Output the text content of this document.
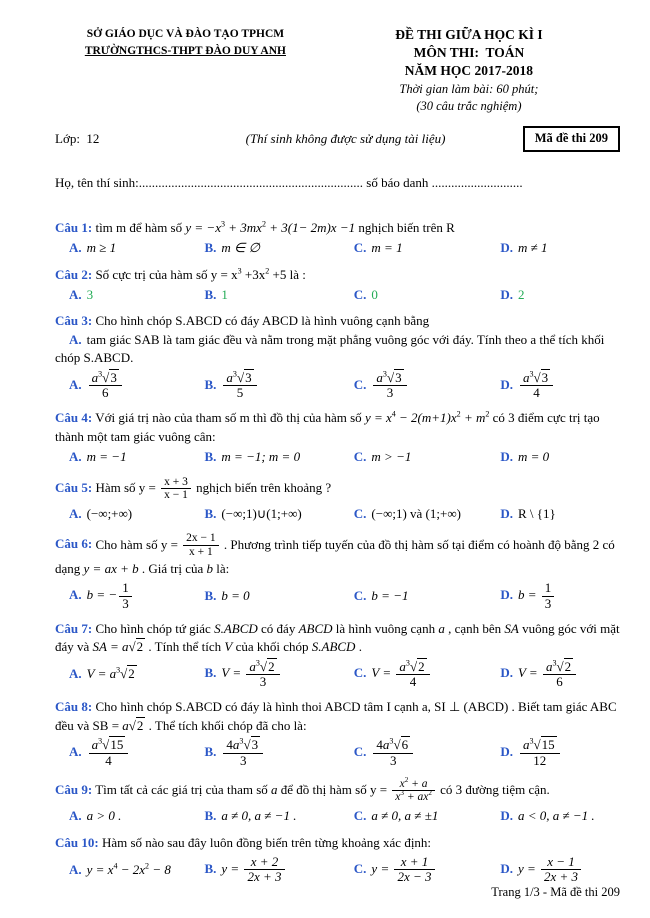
SỞ GIÁO DỤC VÀ ĐÀO TẠO TPHCM
TRƯỜNGTHCS-THPT ĐÀO DUY ANH
ĐỀ THI GIỮA HỌC KÌ I
MÔN THI:  TOÁN
NĂM HỌC 2017-2018
Thời gian làm bài: 60 phút;
(30 câu trắc nghiệm)
Lớp:  12	(Thí sinh không được sử dụng tài liệu)	Mã đề thi 209
Họ, tên thí sinh:..................................................................... số báo danh ............................

Câu 1: tìm m để hàm số $y = -x^3 + 3mx^2 + 3(1- 2m)x -1$ nghịch biến trên R

A. m ≥ 1	B. m ∈ ∅	C. m = 1	D. m ≠ 1

Câu 2: Số cực trị của hàm số $y = x^3 +3x^2 +5$ là :

A. 3	B. 1	C. 0	D. 2

Câu 3: Cho hình chóp S.ABCD có đáy ABCD là hình vuông cạnh bằng

A. tam giác SAB là tam giác đều và nằm trong mặt phẳng vuông góc với đáy. Tính theo a thể tích khối chóp S.ABCD.

A. $\frac{a^3√3}{6}$	B. $\frac{a^3√3}{5}$	C. $\frac{a^3√3}{3}$	D. $\frac{a^3√3}{4}$

Câu 4: Với giá trị nào của tham số m thì đồ thị của hàm số $y = x^4 - 2(m+1)x^2 + m^2$ có 3 điểm cực trị tạo thành một tam giác vuông cân:

A. m = −1	B. m = −1; m = 0	C. m > −1	D. m = 0

Câu 5: Hàm số $y = \frac{x + 3}{x - 1}$ nghịch biến trên khoảng ?

A. (−∞;+∞)	B. (−∞;1)∪(1;+∞)	C. (−∞;1) và (1;+∞)	D. R \ {1}

Câu 6: Cho hàm số $y = \frac{2x - 1}{x + 1}$ . Phương trình tiếp tuyến của đồ thị hàm số tại điểm có hoành độ bằng 2 có dạng y = ax + b . Giá trị của b là:

A. b = − $\frac{1}{3}$	B. b = 0	C. b = −1	D. $b = \frac{1}{3}$

Câu 7: Cho hình chóp tứ giác S.ABCD có đáy ABCD là hình vuông cạnh a , cạnh bên SA vuông góc với mặt đáy và SA = a√2 . Tính thể tích V của khối chóp S.ABCD .

A. $V = a^3√2$	B. $V = \frac{a^3√2}{3}$	C. $V = \frac{a^3√2}{4}$	D. $V = \frac{a^3√2}{6}$

Câu 8: Cho hình chóp S.ABCD có đáy là hình thoi ABCD tâm I cạnh a, SI ⊥ (ABCD) . Biết tam giác ABC đều và SB = a√2 . Thể tích khối chóp đã cho là:

A. $\frac{a^3√15}{4}$	B. $\frac{4a^3√3}{3}$	C. $\frac{4a^3√6}{3}$	D. $\frac{a^3√15}{12}$

Câu 9: Tìm tất cả các giá trị của tham số a để đồ thị hàm số $y = \frac{x^2 + a}{x^3 + ax^2}$ có 3 đường tiệm cận.

A. a > 0 .	B. a ≠ 0, a ≠ −1 .	C. a ≠ 0, a ≠ ±1	D. a < 0, a ≠ −1 .

Câu 10: Hàm số nào sau đây luôn đồng biến trên từng khoảng xác định:

A. $y = x^4 - 2x^2 - 8$	B. $y = \frac{x + 2}{2x + 3}$	C. $y = \frac{x + 1}{2x - 3}$	D. $y = \frac{x - 1}{2x + 3}$
Trang 1/3 - Mã đề thi 209
